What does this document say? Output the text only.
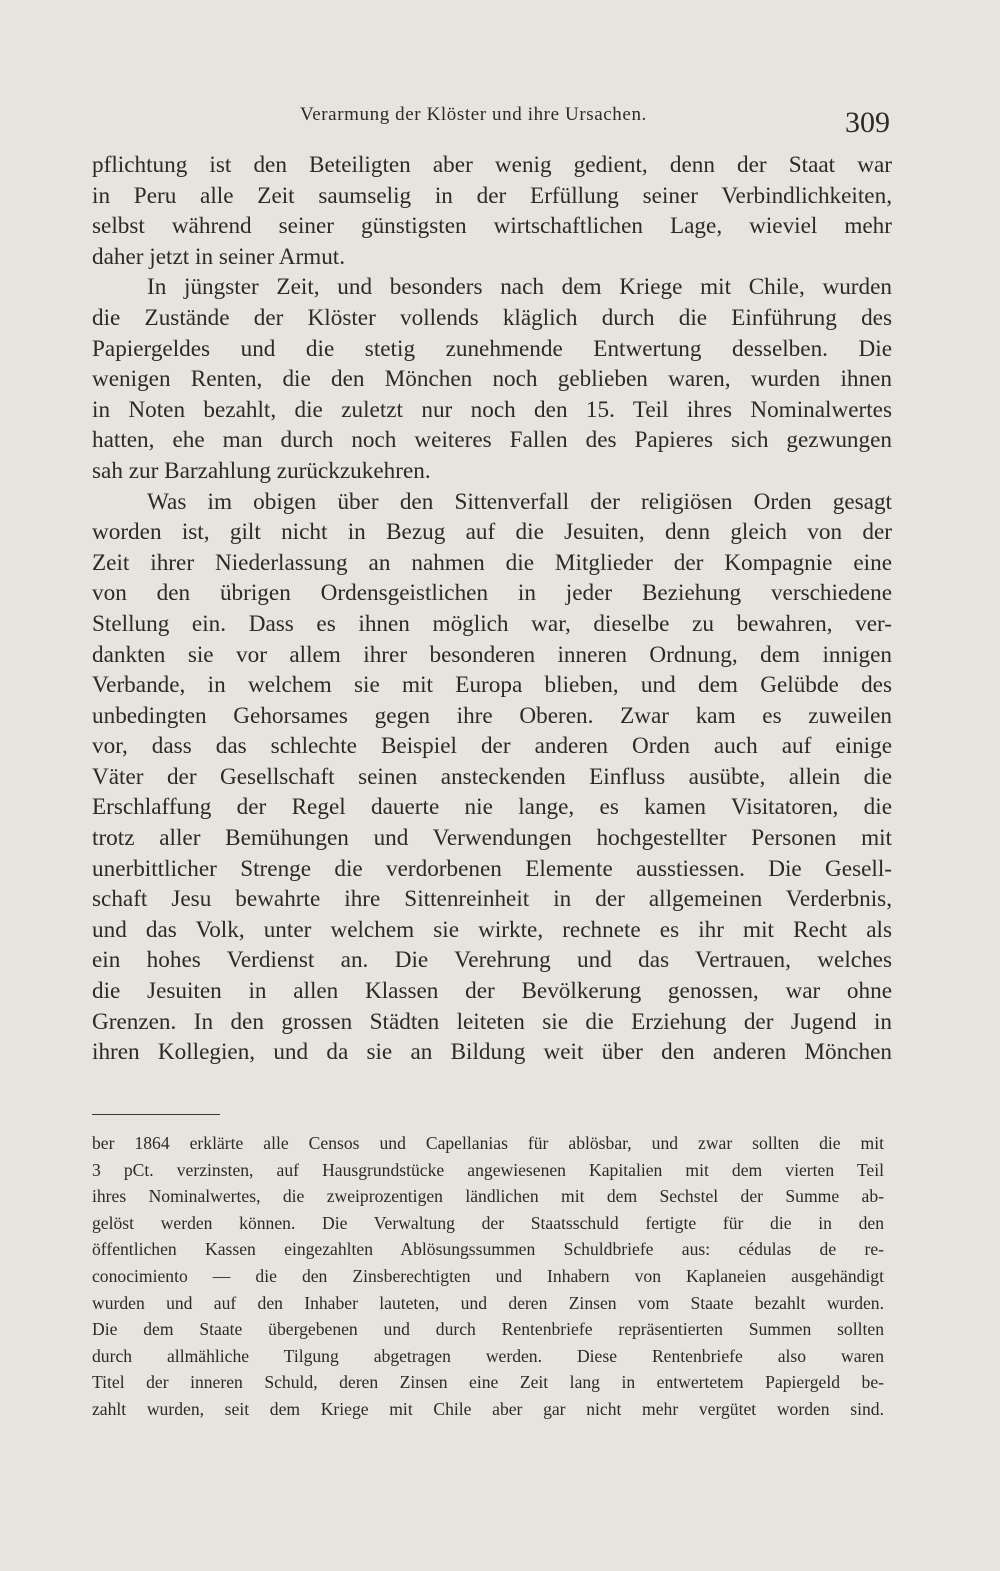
Verarmung der Klöster und ihre Ursachen.	309
pflichtung ist den Beteiligten aber wenig gedient, denn der Staat war
in Peru alle Zeit saumselig in der Erfüllung seiner Verbindlichkeiten,
selbst während seiner günstigsten wirtschaftlichen Lage, wieviel mehr
daher jetzt in seiner Armut.
In jüngster Zeit, und besonders nach dem Kriege mit Chile, wurden
die Zustände der Klöster vollends kläglich durch die Einführung des
Papiergeldes und die stetig zunehmende Entwertung desselben. Die
wenigen Renten, die den Mönchen noch geblieben waren, wurden ihnen
in Noten bezahlt, die zuletzt nur noch den 15. Teil ihres Nominalwertes
hatten, ehe man durch noch weiteres Fallen des Papieres sich gezwungen
sah zur Barzahlung zurückzukehren.
Was im obigen über den Sittenverfall der religiösen Orden gesagt
worden ist, gilt nicht in Bezug auf die Jesuiten, denn gleich von der
Zeit ihrer Niederlassung an nahmen die Mitglieder der Kompagnie eine
von den übrigen Ordensgeistlichen in jeder Beziehung verschiedene
Stellung ein. Dass es ihnen möglich war, dieselbe zu bewahren, ver-
dankten sie vor allem ihrer besonderen inneren Ordnung, dem innigen
Verbande, in welchem sie mit Europa blieben, und dem Gelübde des
unbedingten Gehorsames gegen ihre Oberen. Zwar kam es zuweilen
vor, dass das schlechte Beispiel der anderen Orden auch auf einige
Väter der Gesellschaft seinen ansteckenden Einfluss ausübte, allein die
Erschlaffung der Regel dauerte nie lange, es kamen Visitatoren, die
trotz aller Bemühungen und Verwendungen hochgestellter Personen mit
unerbittlicher Strenge die verdorbenen Elemente ausstiessen. Die Gesell-
schaft Jesu bewahrte ihre Sittenreinheit in der allgemeinen Verderbnis,
und das Volk, unter welchem sie wirkte, rechnete es ihr mit Recht als
ein hohes Verdienst an. Die Verehrung und das Vertrauen, welches
die Jesuiten in allen Klassen der Bevölkerung genossen, war ohne
Grenzen. In den grossen Städten leiteten sie die Erziehung der Jugend in
ihren Kollegien, und da sie an Bildung weit über den anderen Mönchen
ber 1864 erklärte alle Censos und Capellanias für ablösbar, und zwar sollten die mit
3 pCt. verzinsten, auf Hausgrundstücke angewiesenen Kapitalien mit dem vierten Teil
ihres Nominalwertes, die zweiprozentigen ländlichen mit dem Sechstel der Summe ab-
gelöst werden können. Die Verwaltung der Staatsschuld fertigte für die in den
öffentlichen Kassen eingezahlten Ablösungssummen Schuldbriefe aus: cédulas de re-
conocimiento — die den Zinsberechtigten und Inhabern von Kaplaneien ausgehändigt
wurden und auf den Inhaber lauteten, und deren Zinsen vom Staate bezahlt wurden.
Die dem Staate übergebenen und durch Rentenbriefe repräsentierten Summen sollten
durch allmähliche Tilgung abgetragen werden. Diese Rentenbriefe also waren
Titel der inneren Schuld, deren Zinsen eine Zeit lang in entwertetem Papiergeld be-
zahlt wurden, seit dem Kriege mit Chile aber gar nicht mehr vergütet worden sind.
